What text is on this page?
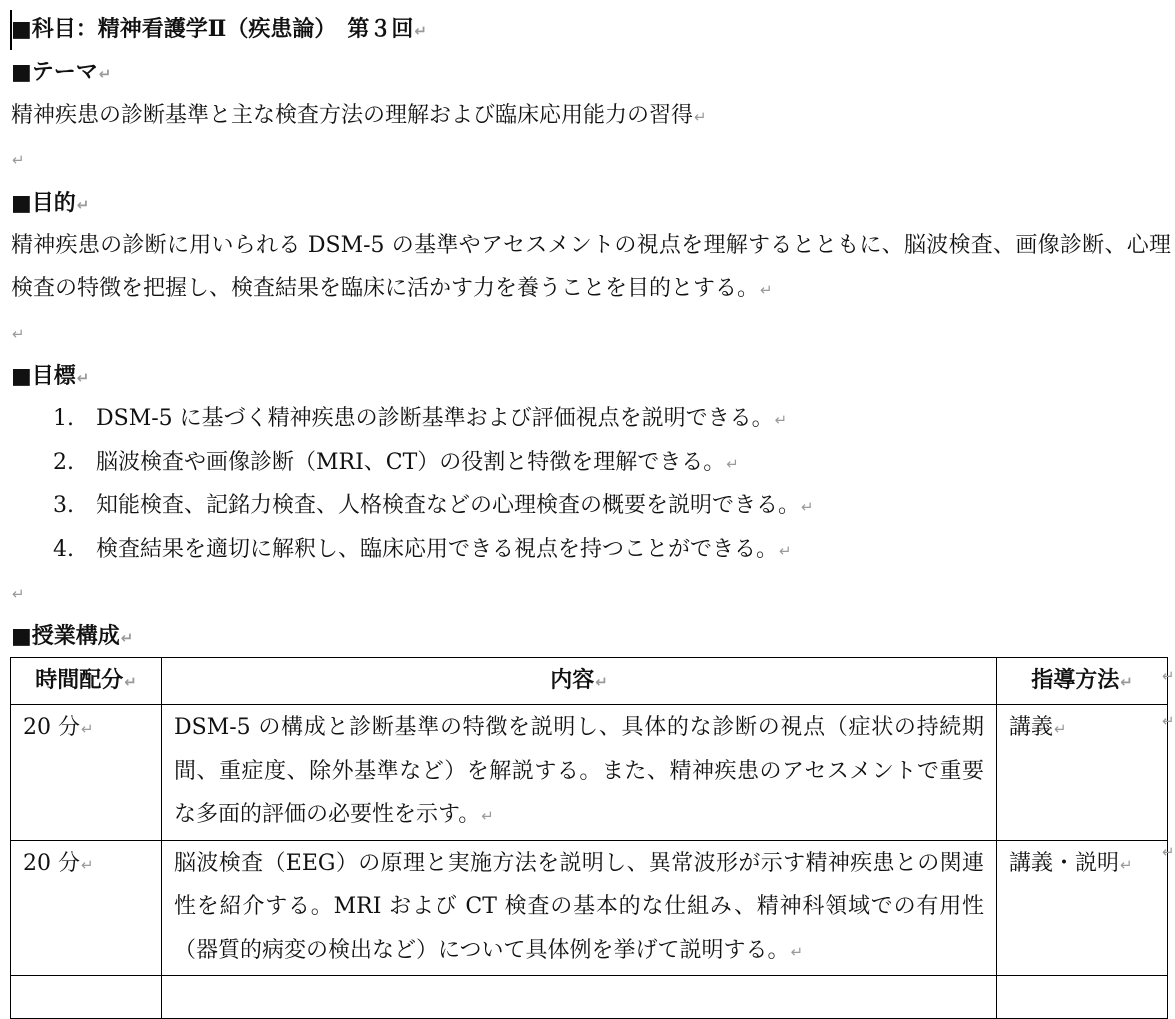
■科目：精神看護学Ⅱ（疾患論）　第３回↵
■テーマ↵
精神疾患の診断基準と主な検査方法の理解および臨床応用能力の習得↵
↵
■目的↵
精神疾患の診断に用いられる DSM-5 の基準やアセスメントの視点を理解するとともに、脳波検査、画像診断、心理検査の特徴を把握し、検査結果を臨床に活かす力を養うことを目的とする。↵
↵
■目標↵
1. DSM-5 に基づく精神疾患の診断基準および評価視点を説明できる。↵
2. 脳波検査や画像診断（MRI、CT）の役割と特徴を理解できる。↵
3. 知能検査、記銘力検査、人格検査などの心理検査の概要を説明できる。↵
4. 検査結果を適切に解釈し、臨床応用できる視点を持つことができる。↵
↵
■授業構成↵
時間配分↵	内容↵	指導方法↵
20 分↵	DSM-5 の構成と診断基準の特徴を説明し、具体的な診断の視点（症状の持続期間、重症度、除外基準など）を解説する。また、精神疾患のアセスメントで重要な多面的評価の必要性を示す。↵	講義↵
20 分↵	脳波検査（EEG）の原理と実施方法を説明し、異常波形が示す精神疾患との関連性を紹介する。MRI および CT 検査の基本的な仕組み、精神科領域での有用性（器質的病変の検出など）について具体例を挙げて説明する。↵	講義・説明↵

↵
↵
↵
